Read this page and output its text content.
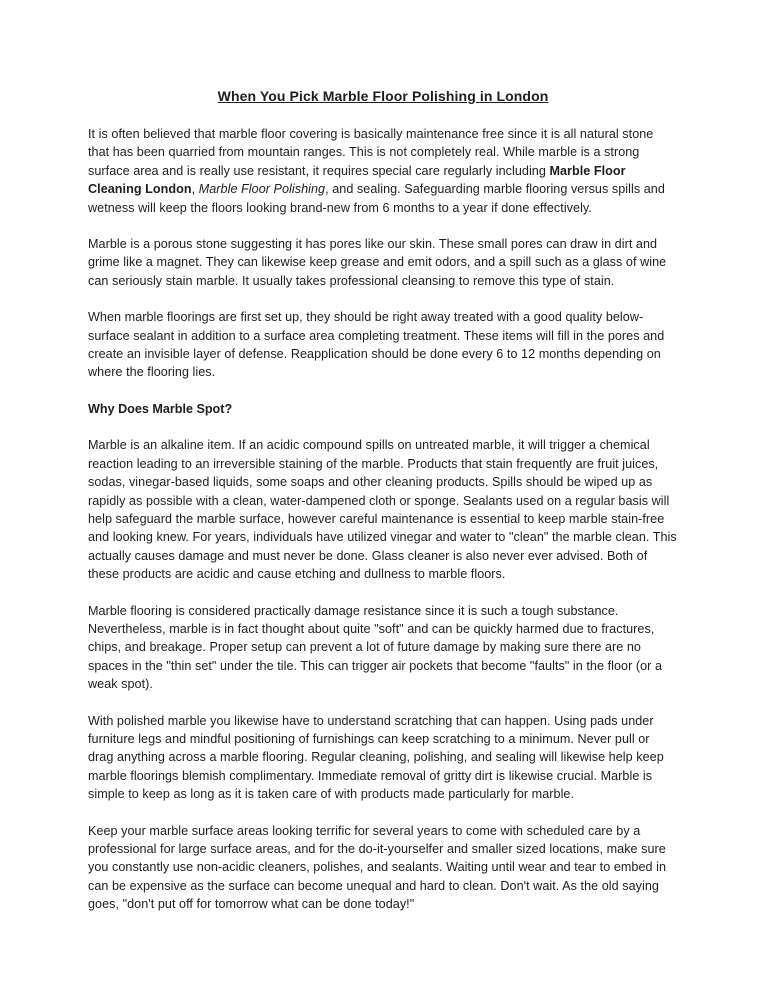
When You Pick Marble Floor Polishing in London

It is often believed that marble floor covering is basically maintenance free since it is all natural stone that has been quarried from mountain ranges. This is not completely real. While marble is a strong surface area and is really use resistant, it requires special care regularly including Marble Floor Cleaning London, Marble Floor Polishing, and sealing. Safeguarding marble flooring versus spills and wetness will keep the floors looking brand-new from 6 months to a year if done effectively.

Marble is a porous stone suggesting it has pores like our skin. These small pores can draw in dirt and grime like a magnet. They can likewise keep grease and emit odors, and a spill such as a glass of wine can seriously stain marble. It usually takes professional cleansing to remove this type of stain.

When marble floorings are first set up, they should be right away treated with a good quality below-surface sealant in addition to a surface area completing treatment. These items will fill in the pores and create an invisible layer of defense. Reapplication should be done every 6 to 12 months depending on where the flooring lies.

Why Does Marble Spot?

Marble is an alkaline item. If an acidic compound spills on untreated marble, it will trigger a chemical reaction leading to an irreversible staining of the marble. Products that stain frequently are fruit juices, sodas, vinegar-based liquids, some soaps and other cleaning products. Spills should be wiped up as rapidly as possible with a clean, water-dampened cloth or sponge. Sealants used on a regular basis will help safeguard the marble surface, however careful maintenance is essential to keep marble stain-free and looking knew. For years, individuals have utilized vinegar and water to "clean" the marble clean. This actually causes damage and must never be done. Glass cleaner is also never ever advised. Both of these products are acidic and cause etching and dullness to marble floors.

Marble flooring is considered practically damage resistance since it is such a tough substance. Nevertheless, marble is in fact thought about quite "soft" and can be quickly harmed due to fractures, chips, and breakage. Proper setup can prevent a lot of future damage by making sure there are no spaces in the "thin set" under the tile. This can trigger air pockets that become "faults" in the floor (or a weak spot).

With polished marble you likewise have to understand scratching that can happen. Using pads under furniture legs and mindful positioning of furnishings can keep scratching to a minimum. Never pull or drag anything across a marble flooring. Regular cleaning, polishing, and sealing will likewise help keep marble floorings blemish complimentary. Immediate removal of gritty dirt is likewise crucial. Marble is simple to keep as long as it is taken care of with products made particularly for marble.

Keep your marble surface areas looking terrific for several years to come with scheduled care by a professional for large surface areas, and for the do-it-yourselfer and smaller sized locations, make sure you constantly use non-acidic cleaners, polishes, and sealants. Waiting until wear and tear to embed in can be expensive as the surface can become unequal and hard to clean. Don't wait. As the old saying goes, "don't put off for tomorrow what can be done today!"
